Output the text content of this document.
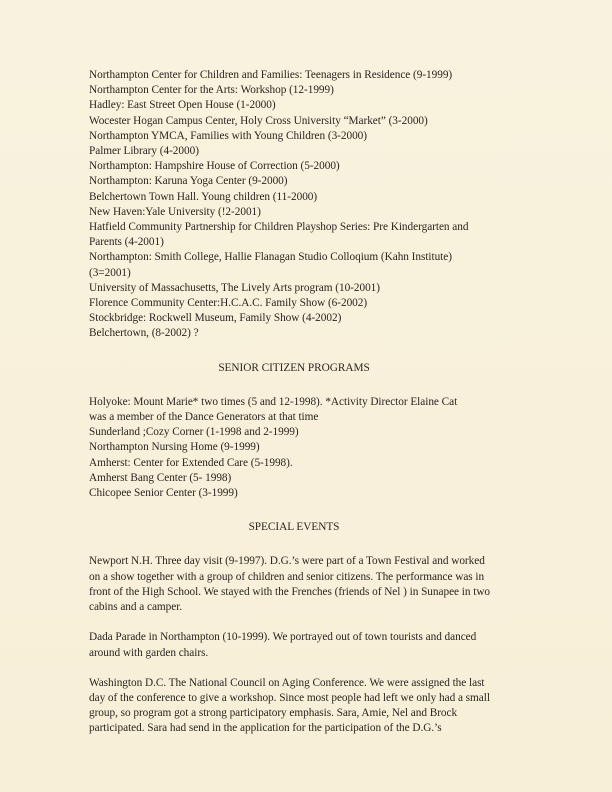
Northampton Center for Children and Families: Teenagers in Residence (9-1999)
Northampton Center for the Arts: Workshop (12-1999)
Hadley: East Street Open House (1-2000)
Wocester Hogan Campus Center, Holy Cross University “Market” (3-2000)
Northampton YMCA, Families with Young Children (3-2000)
Palmer Library (4-2000)
Northampton: Hampshire House of Correction (5-2000)
Northampton: Karuna Yoga Center (9-2000)
Belchertown Town Hall. Young children (11-2000)
New Haven:Yale University (!2-2001)
Hatfield Community Partnership for Children Playshop Series: Pre Kindergarten and
Parents (4-2001)
Northampton: Smith College, Hallie Flanagan Studio Colloqium (Kahn Institute)
(3=2001)
University of Massachusetts, The Lively Arts program (10-2001)
Florence Community Center:H.C.A.C. Family Show (6-2002)
Stockbridge: Rockwell Museum, Family Show (4-2002)
Belchertown, (8-2002) ?
SENIOR CITIZEN PROGRAMS
Holyoke: Mount Marie* two times (5 and 12-1998). *Activity Director Elaine Cat
was a member of the Dance Generators at that time
Sunderland ;Cozy Corner (1-1998 and 2-1999)
Northampton Nursing Home (9-1999)
Amherst: Center for Extended Care (5-1998).
Amherst Bang Center (5- 1998)
Chicopee Senior Center (3-1999)
SPECIAL EVENTS
Newport N.H. Three day visit (9-1997). D.G.’s were part of a Town Festival and worked
on a show together with a group of children and senior citizens. The performance was in
front of the High School. We stayed with the Frenches (friends of Nel ) in Sunapee in two
cabins and a camper.
Dada Parade in Northampton (10-1999). We portrayed out of town tourists and danced
around with garden chairs.
Washington D.C. The National Council on Aging Conference. We were assigned the last
day of the conference to give a workshop. Since most people had left we only had a small
group, so program got a strong participatory emphasis. Sara, Amie, Nel and Brock
participated. Sara had send in the application for the participation of the D.G.’s
